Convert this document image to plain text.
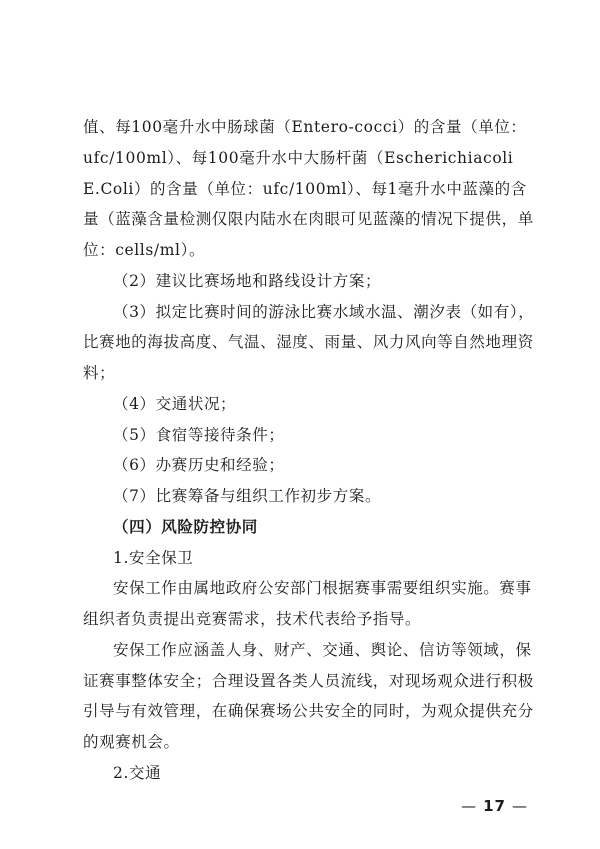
值、每100毫升水中肠球菌（Entero-cocci）的含量（单位：

ufc/100ml）、每100毫升水中大肠杆菌（Escherichiacoli

E.Coli）的含量（单位：ufc/100ml）、每1毫升水中蓝藻的含

量（蓝藻含量检测仅限内陆水在肉眼可见蓝藻的情况下提供，单

位：cells/ml）。

（2）建议比赛场地和路线设计方案；

（3）拟定比赛时间的游泳比赛水域水温、潮汐表（如有），

比赛地的海拔高度、气温、湿度、雨量、风力风向等自然地理资

料；

（4）交通状况；

（5）食宿等接待条件；

（6）办赛历史和经验；

（7）比赛筹备与组织工作初步方案。

（四）风险防控协同

1.安全保卫

安保工作由属地政府公安部门根据赛事需要组织实施。赛事

组织者负责提出竞赛需求，技术代表给予指导。

安保工作应涵盖人身、财产、交通、舆论、信访等领域，保

证赛事整体安全；合理设置各类人员流线，对现场观众进行积极

引导与有效管理，在确保赛场公共安全的同时，为观众提供充分

的观赛机会。

2.交通

— 17 —
